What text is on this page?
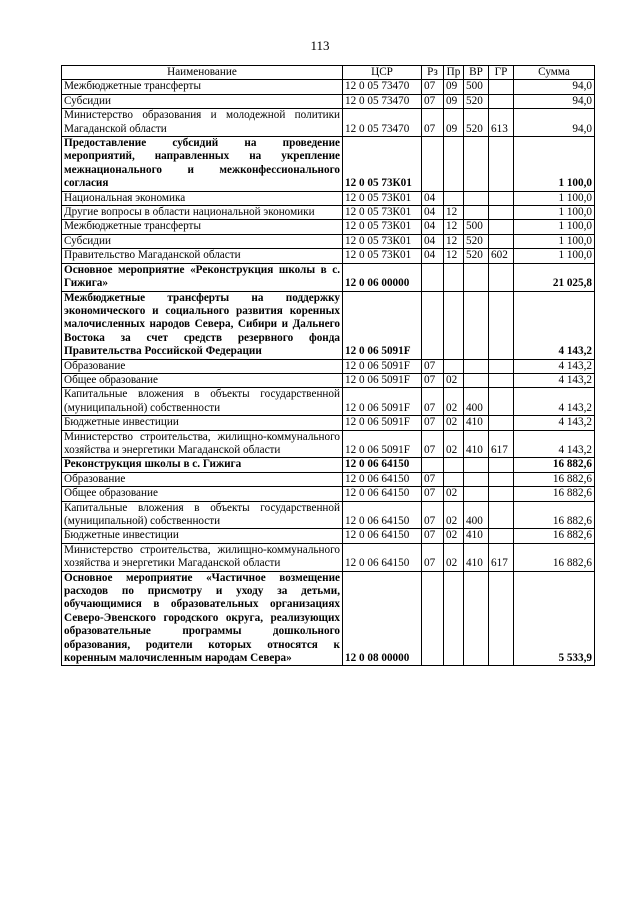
113
Наименование	ЦСР	Рз	Пр	ВР	ГР	Сумма
Межбюджетные трансферты	12 0 05 73470	07	09	500		94,0
Субсидии	12 0 05 73470	07	09	520		94,0
Министерство образования и молодежной политики Магаданской области	12 0 05 73470	07	09	520	613	94,0
Предоставление субсидий на проведение мероприятий, направленных на укрепление межнационального и межконфессионального согласия	12 0 05 73К01					1 100,0
Национальная экономика	12 0 05 73К01	04				1 100,0
Другие вопросы в области национальной экономики	12 0 05 73К01	04	12			1 100,0
Межбюджетные трансферты	12 0 05 73К01	04	12	500		1 100,0
Субсидии	12 0 05 73К01	04	12	520		1 100,0
Правительство Магаданской области	12 0 05 73К01	04	12	520	602	1 100,0
Основное мероприятие «Реконструкция школы в с. Гижига»	12 0 06 00000					21 025,8
Межбюджетные трансферты на поддержку экономического и социального развития коренных малочисленных народов Севера, Сибири и Дальнего Востока за счет средств резервного фонда Правительства Российской Федерации	12 0 06 5091F					4 143,2
Образование	12 0 06 5091F	07				4 143,2
Общее образование	12 0 06 5091F	07	02			4 143,2
Капитальные вложения в объекты государственной (муниципальной) собственности	12 0 06 5091F	07	02	400		4 143,2
Бюджетные инвестиции	12 0 06 5091F	07	02	410		4 143,2
Министерство строительства, жилищно-коммунального хозяйства и энергетики Магаданской области	12 0 06 5091F	07	02	410	617	4 143,2
Реконструкция школы в с. Гижига	12 0 06 64150					16 882,6
Образование	12 0 06 64150	07				16 882,6
Общее образование	12 0 06 64150	07	02			16 882,6
Капитальные вложения в объекты государственной (муниципальной) собственности	12 0 06 64150	07	02	400		16 882,6
Бюджетные инвестиции	12 0 06 64150	07	02	410		16 882,6
Министерство строительства, жилищно-коммунального хозяйства и энергетики Магаданской области	12 0 06 64150	07	02	410	617	16 882,6
Основное мероприятие «Частичное возмещение расходов по присмотру и уходу за детьми, обучающимися в образовательных организациях Северо-Эвенского городского округа, реализующих образовательные программы дошкольного образования, родители которых относятся к коренным малочисленным народам Севера»	12 0 08 00000					5 533,9
